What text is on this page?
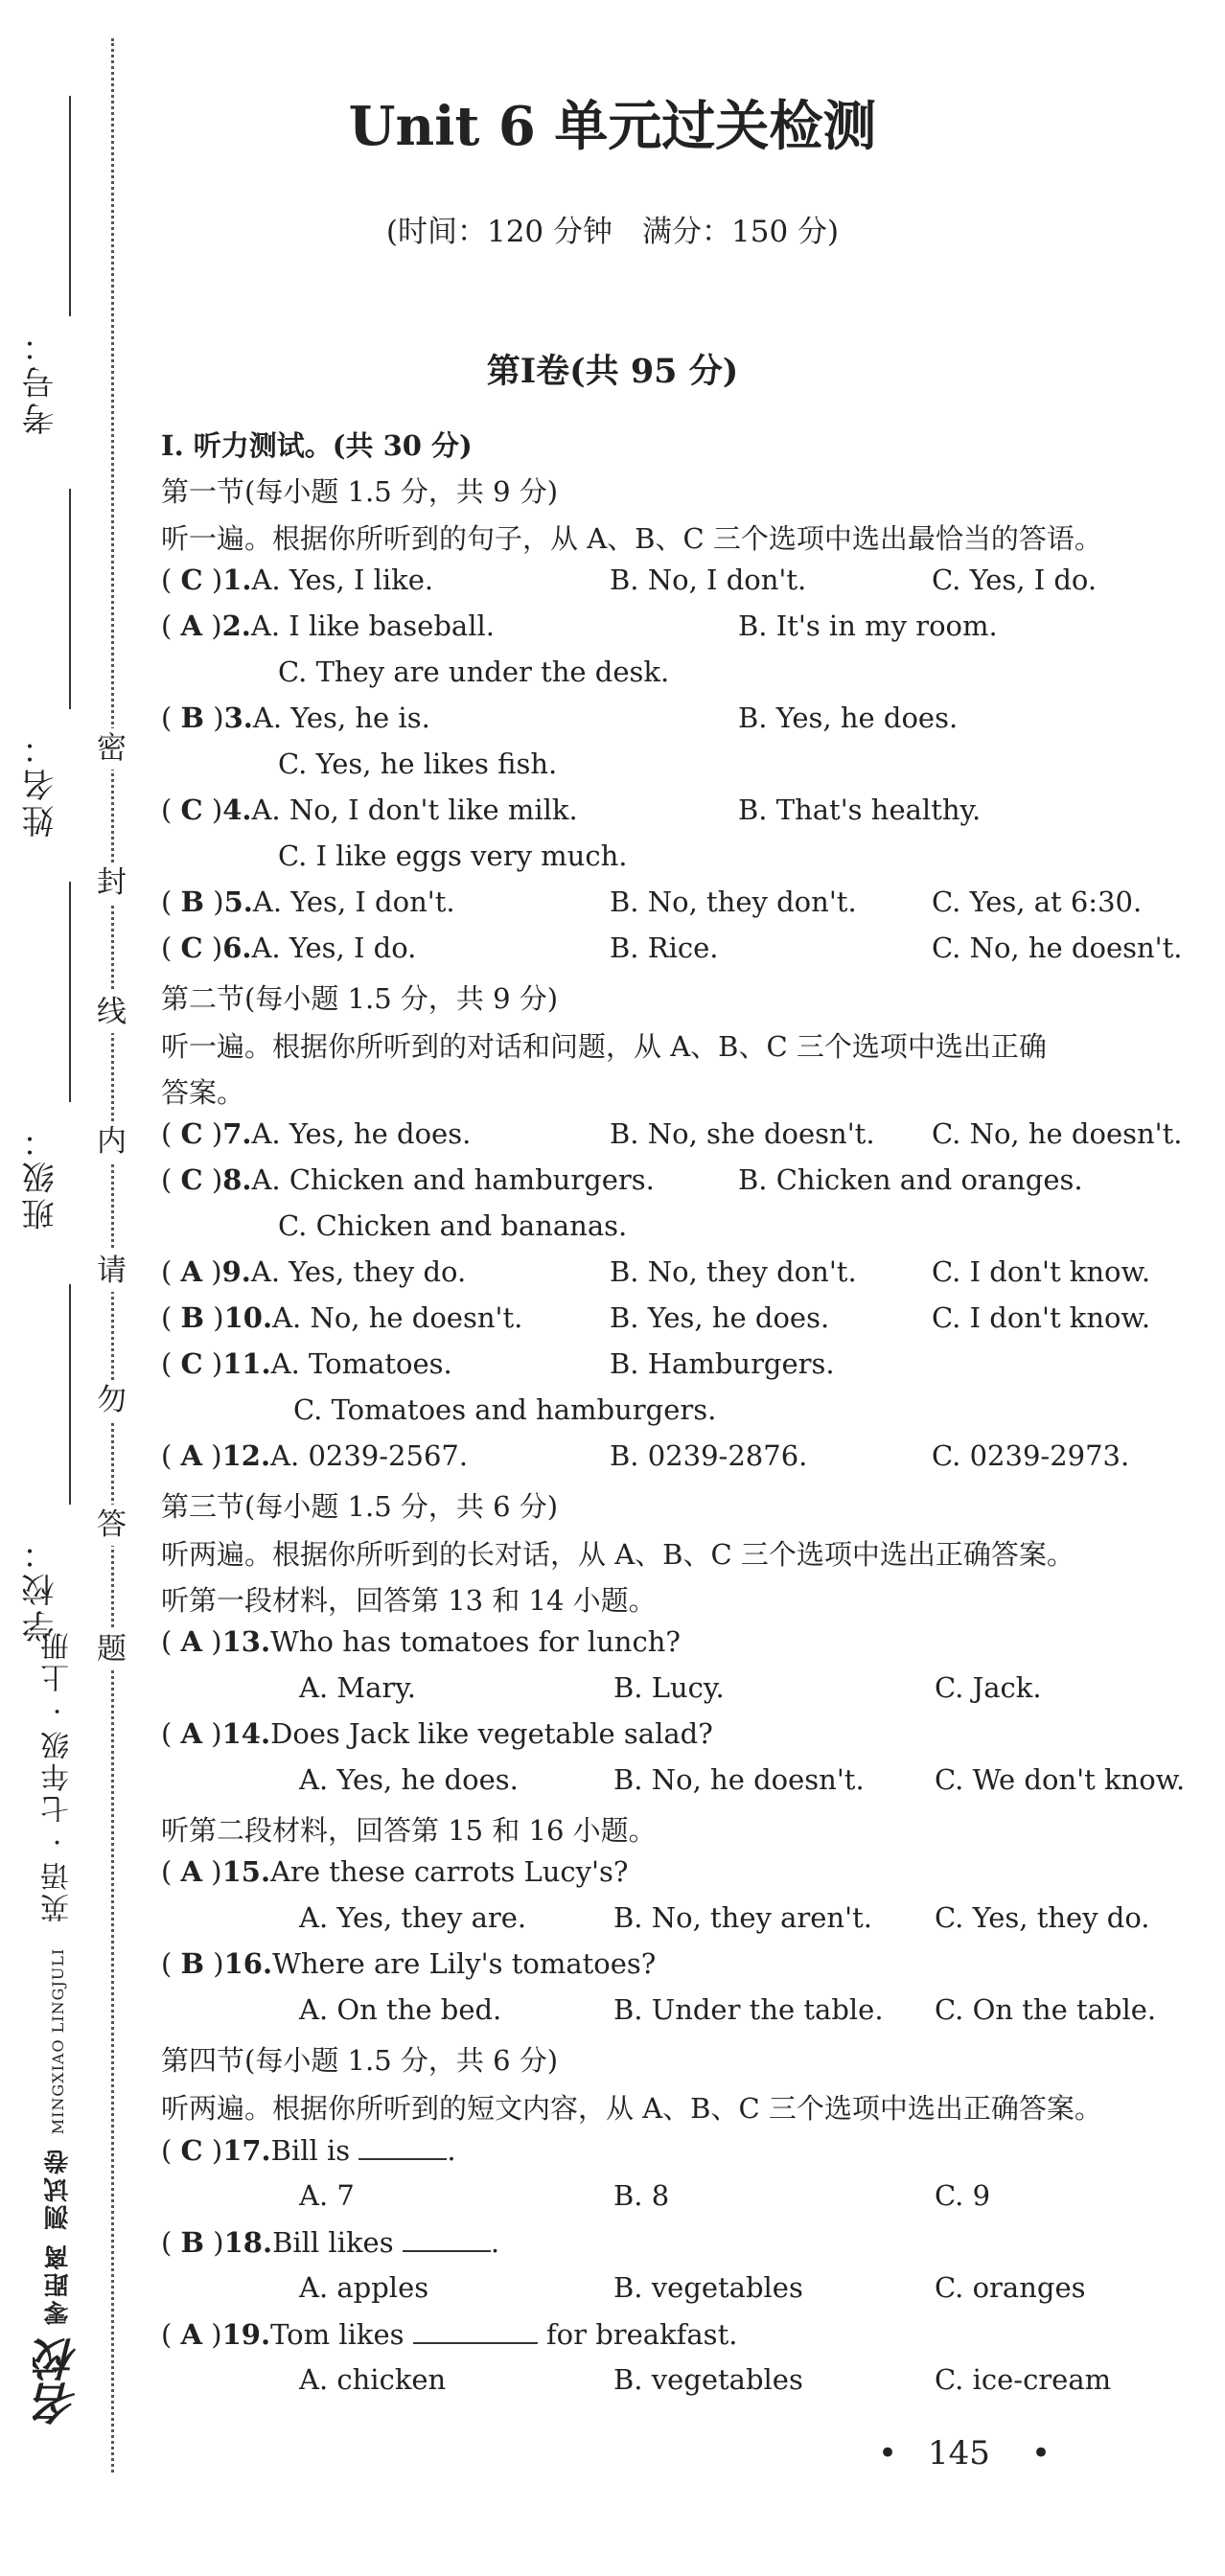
考号：
姓名：
班级：
学校：
密
封
线
内
请
勿
答
题
名校 零距离 测试卷 MINGXIAO LINGJULI 英语 · 七年级 · 上册
Unit 6 单元过关检测
(时间：120 分钟　满分：150 分)
第Ⅰ卷(共 95 分)
Ⅰ. 听力测试。(共 30 分)
第一节(每小题 1.5 分，共 9 分)
听一遍。根据你所听到的句子，从 A、B、C 三个选项中选出最恰当的答语。
( C )1.A. Yes, I like.	B. No, I don't.	C. Yes, I do.
( A )2.A. I like baseball.	B. It's in my room.
C. They are under the desk.
( B )3.A. Yes, he is.	B. Yes, he does.
C. Yes, he likes fish.
( C )4.A. No, I don't like milk.	B. That's healthy.
C. I like eggs very much.
( B )5.A. Yes, I don't.	B. No, they don't.	C. Yes, at 6:30.
( C )6.A. Yes, I do.	B. Rice.	C. No, he doesn't.
第二节(每小题 1.5 分，共 9 分)
听一遍。根据你所听到的对话和问题，从 A、B、C 三个选项中选出正确
答案。
( C )7.A. Yes, he does.	B. No, she doesn't. C. No, he doesn't.
( C )8.A. Chicken and hamburgers.	B. Chicken and oranges.
C. Chicken and bananas.
( A )9.A. Yes, they do.	B. No, they don't.	C. I don't know.
( B )10.A. No, he doesn't.	B. Yes, he does.	C. I don't know.
( C )11.A. Tomatoes.	B. Hamburgers.
C. Tomatoes and hamburgers.
( A )12.A. 0239-2567.	B. 0239-2876.	C. 0239-2973.
第三节(每小题 1.5 分，共 6 分)
听两遍。根据你所听到的长对话，从 A、B、C 三个选项中选出正确答案。
听第一段材料，回答第 13 和 14 小题。
( A )13.Who has tomatoes for lunch?
A. Mary.	B. Lucy.	C. Jack.
( A )14.Does Jack like vegetable salad?
A. Yes, he does.	B. No, he doesn't.	C. We don't know.
听第二段材料，回答第 15 和 16 小题。
( A )15.Are these carrots Lucy's?
A. Yes, they are.	B. No, they aren't. C. Yes, they do.
( B )16.Where are Lily's tomatoes?
A. On the bed.	B. Under the table. C. On the table.
第四节(每小题 1.5 分，共 6 分)
听两遍。根据你所听到的短文内容，从 A、B、C 三个选项中选出正确答案。
( C )17.Bill is	.
A. 7	B. 8	C. 9
( B )18.Bill likes	.
A. apples	B. vegetables	C. oranges
( A )19.Tom likes	for breakfast.
A. chicken	B. vegetables	C. ice-cream
• 145 •
